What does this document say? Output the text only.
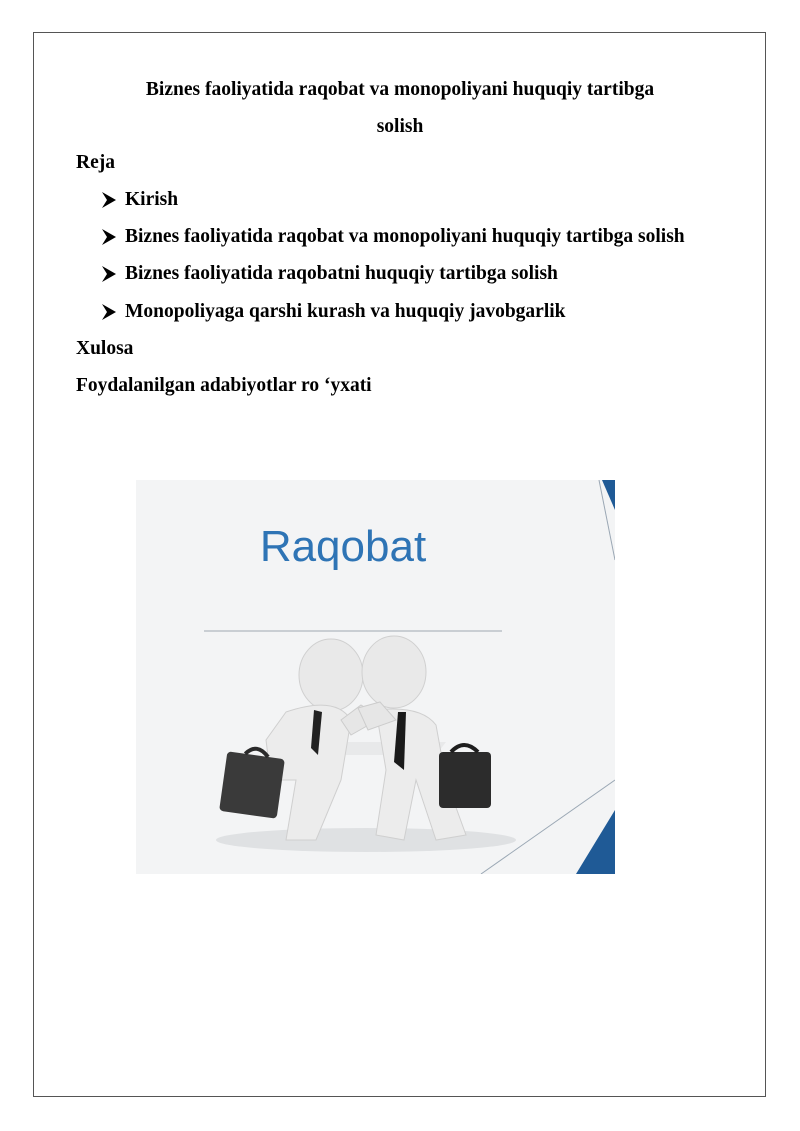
Biznes faoliyatida raqobat va monopoliyani huquqiy tartibga
solish

Reja

Kirish
Biznes faoliyatida raqobat va monopoliyani huquqiy tartibga solish
Biznes faoliyatida raqobatni huquqiy tartibga solish
Monopoliyaga qarshi kurash va huquqiy javobgarlik

Xulosa

Foydalanilgan adabiyotlar ro ‘yxati

Raqobat
